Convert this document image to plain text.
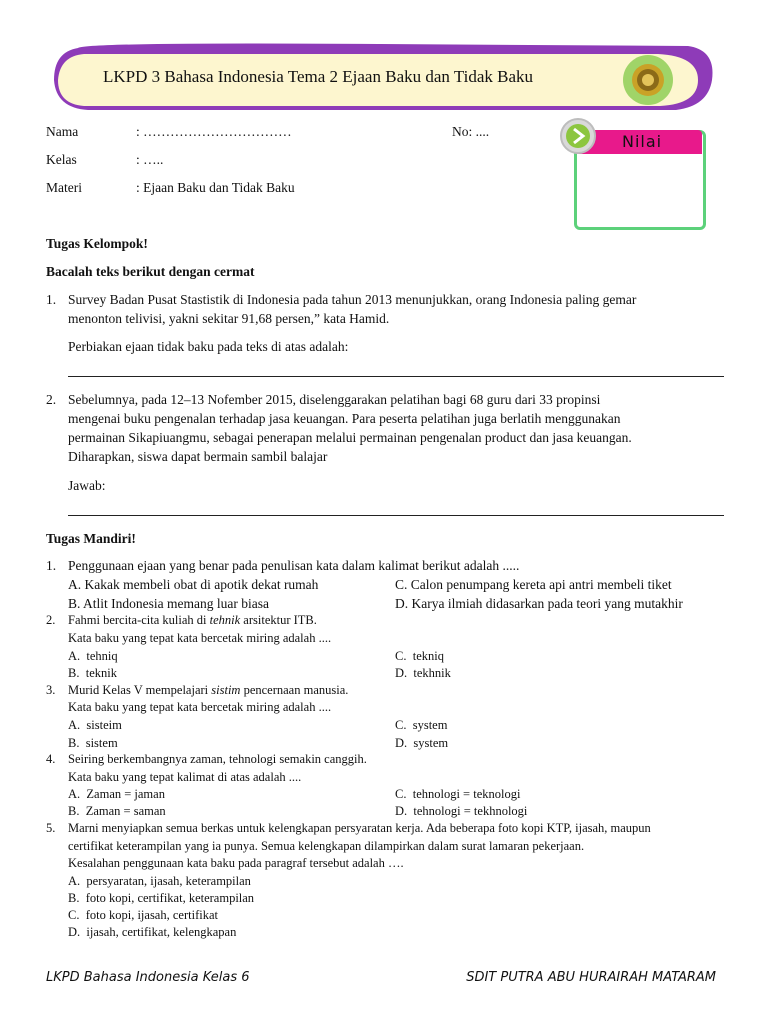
LKPD 3 Bahasa Indonesia Tema 2 Ejaan Baku dan Tidak Baku
Nama	: ……………………………
Kelas	: …..
Materi	: Ejaan Baku dan Tidak Baku
No: ....
Nilai
Tugas Kelompok!
Bacalah teks berikut dengan cermat
1. Survey Badan Pusat Stastistik di Indonesia pada tahun 2013 menunjukkan, orang Indonesia paling gemar
menonton telivisi, yakni sekitar 91,68 persen,” kata Hamid.
Perbiakan ejaan tidak baku pada teks di atas adalah:
2. Sebelumnya, pada 12–13 Nofember 2015, diselenggarakan pelatihan bagi 68 guru dari 33 propinsi
mengenai buku pengenalan terhadap jasa keuangan. Para peserta pelatihan juga berlatih menggunakan
permainan Sikapiuangmu, sebagai penerapan melalui permainan pengenalan product dan jasa keuangan.
Diharapkan, siswa dapat bermain sambil balajar
Jawab:
Tugas Mandiri!
1. Penggunaan ejaan yang benar pada penulisan kata dalam kalimat berikut adalah .....
A. Kakak membeli obat di apotik dekat rumah
B. Atlit Indonesia memang luar biasa
C. Calon penumpang kereta api antri membeli tiket
D. Karya ilmiah didasarkan pada teori yang mutakhir
2. Fahmi bercita-cita kuliah di tehnik arsitektur ITB.
Kata baku yang tepat kata bercetak miring adalah ....
A. tehniq
B. teknik
C. tekniq
D. tekhnik
3. Murid Kelas V mempelajari sistim pencernaan manusia.
Kata baku yang tepat kata bercetak miring adalah ....
A. sisteim
B. sistem
C. system
D. system
4. Seiring berkembangnya zaman, tehnologi semakin canggih.
Kata baku yang tepat kalimat di atas adalah ....
A. Zaman = jaman
B. Zaman = saman
C. tehnologi = teknologi
D. tehnologi = tekhnologi
5. Marni menyiapkan semua berkas untuk kelengkapan persyaratan kerja. Ada beberapa foto kopi KTP, ijasah, maupun
certifikat keterampilan yang ia punya. Semua kelengkapan dilampirkan dalam surat lamaran pekerjaan.
Kesalahan penggunaan kata baku pada paragraf tersebut adalah ….
A. persyaratan, ijasah, keterampilan
B. foto kopi, certifikat, keterampilan
C. foto kopi, ijasah, certifikat
D. ijasah, certifikat, kelengkapan
LKPD Bahasa Indonesia Kelas 6	SDIT PUTRA ABU HURAIRAH MATARAM
